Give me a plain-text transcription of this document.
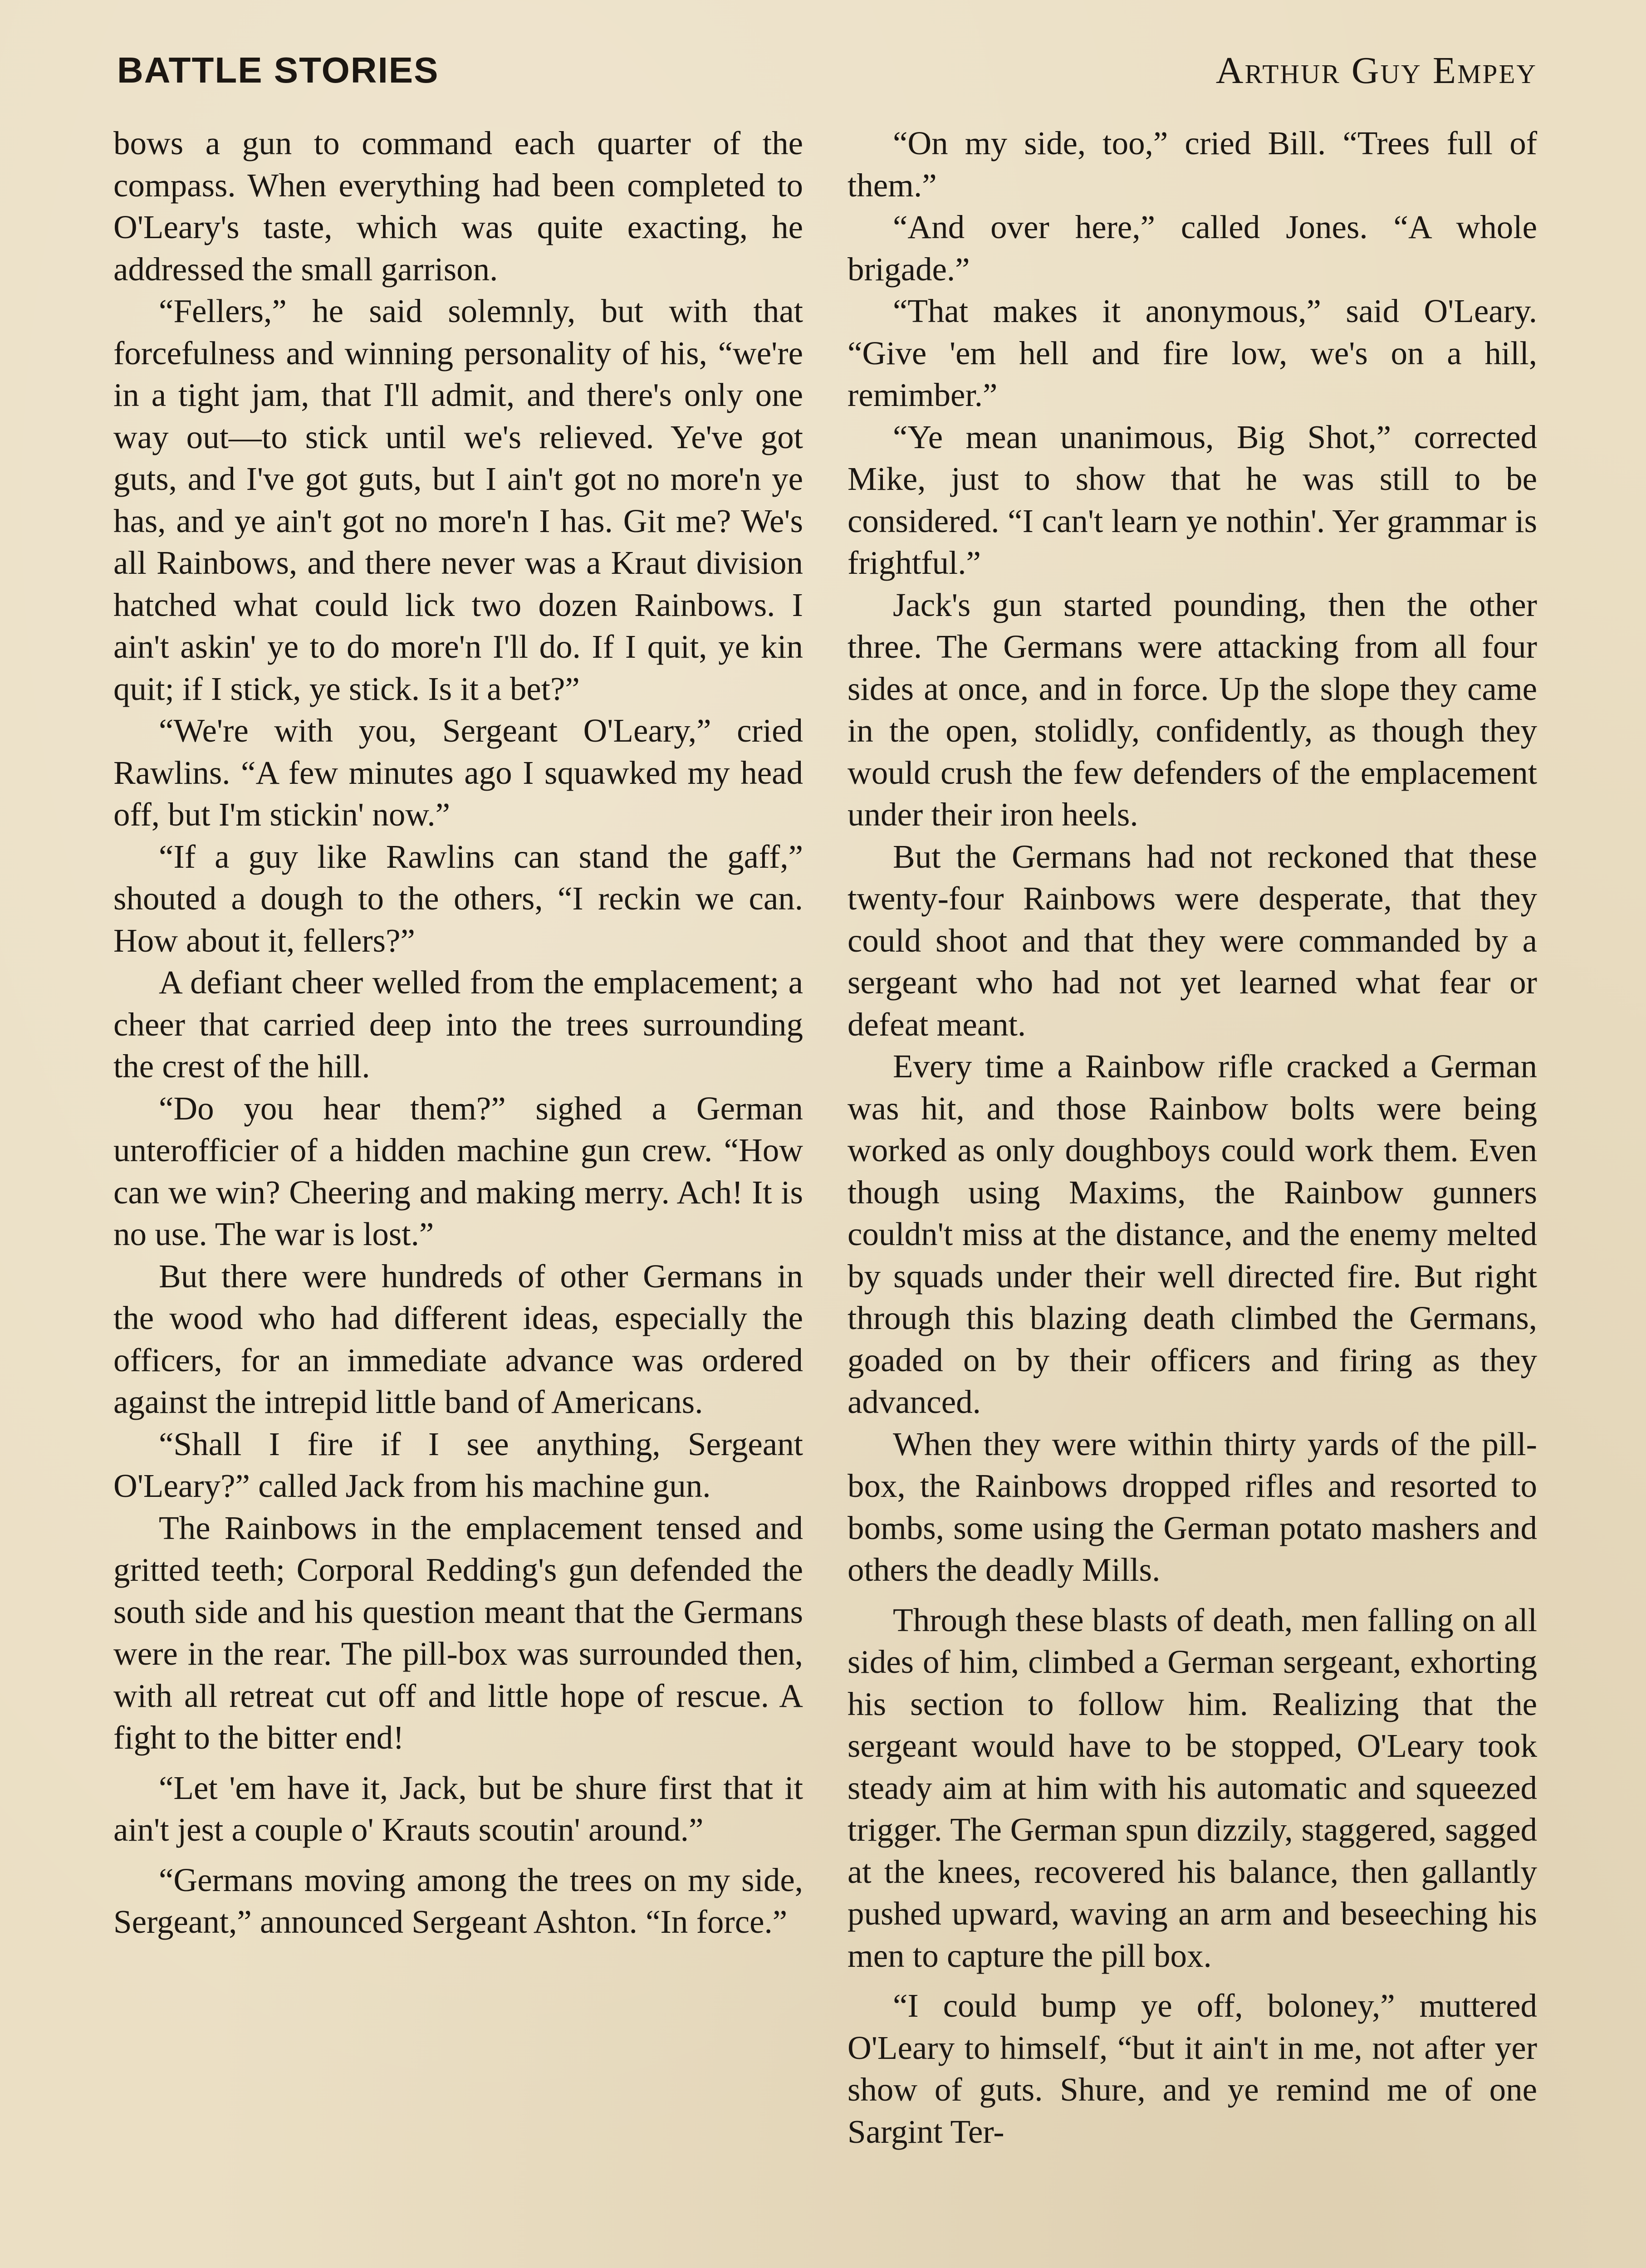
BATTLE STORIES	Arthur Guy Empey

bows a gun to command each quarter of the compass. When everything had been completed to O'Leary's taste, which was quite exacting, he addressed the small garrison.

“Fellers,” he said solemnly, but with that forcefulness and winning personality of his, “we're in a tight jam, that I'll admit, and there's only one way out—to stick until we's relieved. Ye've got guts, and I've got guts, but I ain't got no more'n ye has, and ye ain't got no more'n I has. Git me? We's all Rainbows, and there never was a Kraut division hatched what could lick two dozen Rainbows. I ain't askin' ye to do more'n I'll do. If I quit, ye kin quit; if I stick, ye stick. Is it a bet?”

“We're with you, Sergeant O'Leary,” cried Rawlins. “A few minutes ago I squawked my head off, but I'm stickin' now.”

“If a guy like Rawlins can stand the gaff,” shouted a dough to the others, “I reckin we can. How about it, fellers?”

A defiant cheer welled from the emplacement; a cheer that carried deep into the trees surrounding the crest of the hill.

“Do you hear them?” sighed a German unterofficier of a hidden machine gun crew. “How can we win? Cheering and making merry. Ach! It is no use. The war is lost.”

But there were hundreds of other Germans in the wood who had different ideas, especially the officers, for an immediate advance was ordered against the intrepid little band of Americans.

“Shall I fire if I see anything, Sergeant O'Leary?” called Jack from his machine gun.

The Rainbows in the emplacement tensed and gritted teeth; Corporal Redding's gun defended the south side and his question meant that the Germans were in the rear. The pill-box was surrounded then, with all retreat cut off and little hope of rescue. A fight to the bitter end!

“Let 'em have it, Jack, but be shure first that it ain't jest a couple o' Krauts scoutin' around.”

“Germans moving among the trees on my side, Sergeant,” announced Sergeant Ashton. “In force.”

“On my side, too,” cried Bill. “Trees full of them.”

“And over here,” called Jones. “A whole brigade.”

“That makes it anonymous,” said O'Leary. “Give 'em hell and fire low, we's on a hill, remimber.”

“Ye mean unanimous, Big Shot,” corrected Mike, just to show that he was still to be considered. “I can't learn ye nothin'. Yer grammar is frightful.”

Jack's gun started pounding, then the other three. The Germans were attacking from all four sides at once, and in force. Up the slope they came in the open, stolidly, confidently, as though they would crush the few defenders of the emplacement under their iron heels.

But the Germans had not reckoned that these twenty-four Rainbows were desperate, that they could shoot and that they were commanded by a sergeant who had not yet learned what fear or defeat meant.

Every time a Rainbow rifle cracked a German was hit, and those Rainbow bolts were being worked as only doughboys could work them. Even though using Maxims, the Rainbow gunners couldn't miss at the distance, and the enemy melted by squads under their well directed fire. But right through this blazing death climbed the Germans, goaded on by their officers and firing as they advanced.

When they were within thirty yards of the pill-box, the Rainbows dropped rifles and resorted to bombs, some using the German potato mashers and others the deadly Mills.

Through these blasts of death, men falling on all sides of him, climbed a German sergeant, exhorting his section to follow him. Realizing that the sergeant would have to be stopped, O'Leary took steady aim at him with his automatic and squeezed trigger. The German spun dizzily, staggered, sagged at the knees, recovered his balance, then gallantly pushed upward, waving an arm and beseeching his men to capture the pill box.

“I could bump ye off, boloney,” muttered O'Leary to himself, “but it ain't in me, not after yer show of guts. Shure, and ye remind me of one Sargint Ter-
